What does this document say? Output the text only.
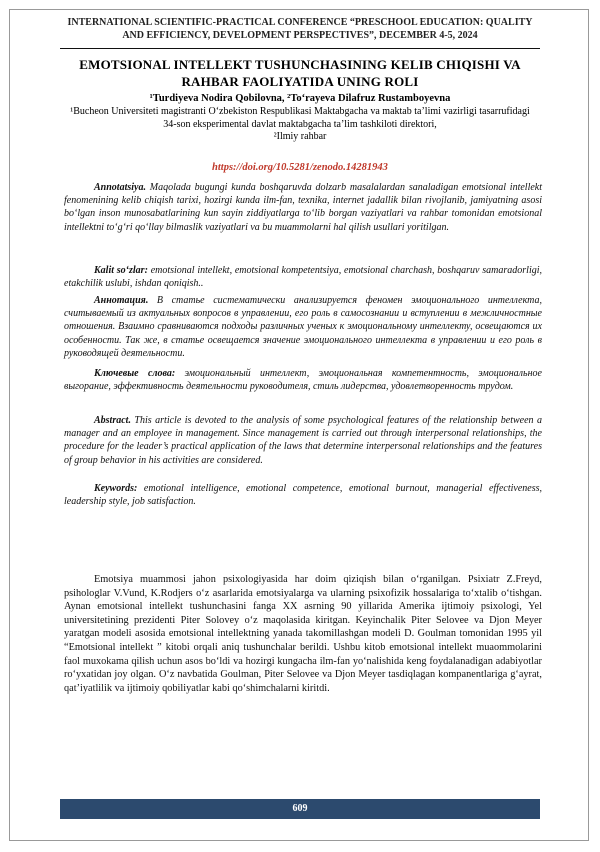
INTERNATIONAL SCIENTIFIC-PRACTICAL CONFERENCE “PRESCHOOL EDUCATION: QUALITY AND EFFICIENCY, DEVELOPMENT PERSPECTIVES”, DECEMBER 4-5, 2024
EMOTSIONAL INTELLEKT TUSHUNCHASINING KELIB CHIQISHI VA RAHBAR FAOLIYATIDA UNING ROLI
¹Turdiyeva Nodira Qobilovna, ²To‘rayeva Dilafruz Rustamboyevna
¹Bucheon Universiteti magistranti O‘zbekiston Respublikasi Maktabgacha va maktab ta’limi vazirligi tasarrufidagi 34-son eksperimental davlat maktabgacha ta’lim tashkiloti direktori,
²Ilmiy rahbar
https://doi.org/10.5281/zenodo.14281943
Annotatsiya. Maqolada bugungi kunda boshqaruvda dolzarb masalalardan sanaladigan emotsional intellekt fenomenining kelib chiqish tarixi, hozirgi kunda ilm-fan, texnika, internet jadallik bilan rivojlanib, jamiyatning asosi bo‘lgan inson munosabatlarining kun sayin ziddiyatlarga to‘lib borgan vaziyatlari va rahbar tomonidan emotsional intellektni to‘g‘ri qo‘llay bilmaslik vaziyatlari va bu muammolarni hal qilish usullari yoritilgan.
Kalit so‘zlar: emotsional intellekt, emotsional kompetentsiya, emotsional charchash, boshqaruv samaradorligi, etakchilik uslubi, ishdan qoniqish..
Аннотация. В статье систематически анализируется феномен эмоционального интеллекта, считываемый из актуальных вопросов в управлении, его роль в самосознании и вступлении в межличностные отношения. Взаимно сравниваются подходы различных ученых к эмоциональному интеллекту, освещаются их особенности. Так же, в статье освещается значение эмоционального интеллекта в управлении и его роль в руководящей деятельности.
Ключевые слова: эмоциональный интеллект, эмоциональная компетентность, эмоциональное выгорание, эффективность деятельности руководителя, стиль лидерства, удовлетворенность трудом.
Abstract. This article is devoted to the analysis of some psychological features of the relationship between a manager and an employee in management. Since management is carried out through interpersonal relationships, the procedure for the leader’s practical application of the laws that determine interpersonal relationships and the features of group behavior in his activities are considered.
Keywords: emotional intelligence, emotional competence, emotional burnout, managerial effectiveness, leadership style, job satisfaction.
Emotsiya muammosi jahon psixologiyasida har doim qiziqish bilan o‘rganilgan. Psixiatr Z.Freyd, psihologlar V.Vund, K.Rodjers o‘z asarlarida emotsiyalarga va ularning psixofizik hossalariga to‘xtalib o‘tishgan. Aynan emotsional intellekt tushunchasini fanga XX asrning 90 yillarida Amerika ijtimoiy psixologi, Yel universitetining prezidenti Piter Solovey o‘z maqolasida kiritgan. Keyinchalik Piter Selovee va Djon Meyer yaratgan modeli asosida emotsional intellektning yanada takomillashgan modeli D. Goulman tomonidan 1995 yil “Emotsional intellekt ” kitobi orqali aniq tushunchalar berildi. Ushbu kitob emotsional intellekt muaommolarini faol muxokama qilish uchun asos bo‘ldi va hozirgi kungacha ilm-fan yo‘nalishida keng foydalanadigan adabiyotlar ro‘yxatidan joy olgan. O‘z navbatida Goulman, Piter Selovee va Djon Meyer tasdiqlagan kompanentlariga g‘ayrat, qat’iyatlilik va ijtimoiy qobiliyatlar kabi qo‘shimchalarni kiritdi.
609
